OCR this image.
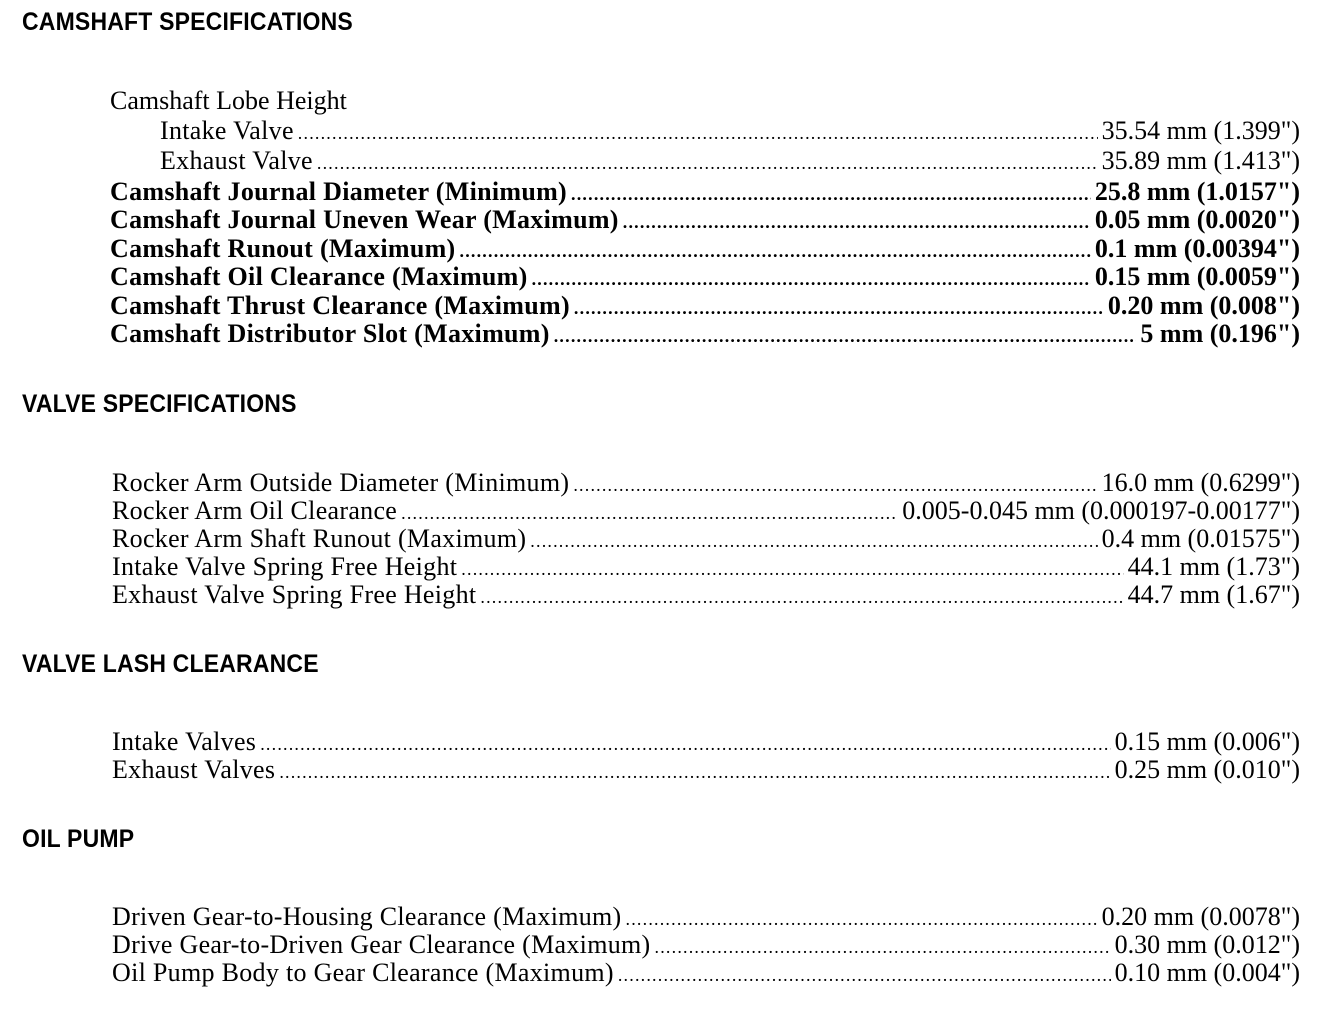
CAMSHAFT SPECIFICATIONS
Camshaft Lobe Height
Intake Valve .....	35.54 mm (1.399")
Exhaust Valve .....	35.89 mm (1.413")
Camshaft Journal Diameter (Minimum) .....	25.8 mm (1.0157")
Camshaft Journal Uneven Wear (Maximum) .....	0.05 mm (0.0020")
Camshaft Runout (Maximum) .....	0.1 mm (0.00394")
Camshaft Oil Clearance (Maximum) .....	0.15 mm (0.0059")
Camshaft Thrust Clearance (Maximum) .....	0.20 mm (0.008")
Camshaft Distributor Slot (Maximum) .....	5 mm (0.196")
VALVE SPECIFICATIONS
Rocker Arm Outside Diameter (Minimum) .....	16.0 mm (0.6299")
Rocker Arm Oil Clearance .....	0.005-0.045 mm (0.000197-0.00177")
Rocker Arm Shaft Runout (Maximum) .....	0.4 mm (0.01575")
Intake Valve Spring Free Height .....	44.1 mm (1.73")
Exhaust Valve Spring Free Height .....	44.7 mm (1.67")
VALVE LASH CLEARANCE
Intake Valves .....	0.15 mm (0.006")
Exhaust Valves .....	0.25 mm (0.010")
OIL PUMP
Driven Gear-to-Housing Clearance (Maximum) .....	0.20 mm (0.0078")
Drive Gear-to-Driven Gear Clearance (Maximum) .....	0.30 mm (0.012")
Oil Pump Body to Gear Clearance (Maximum) .....	0.10 mm (0.004")
